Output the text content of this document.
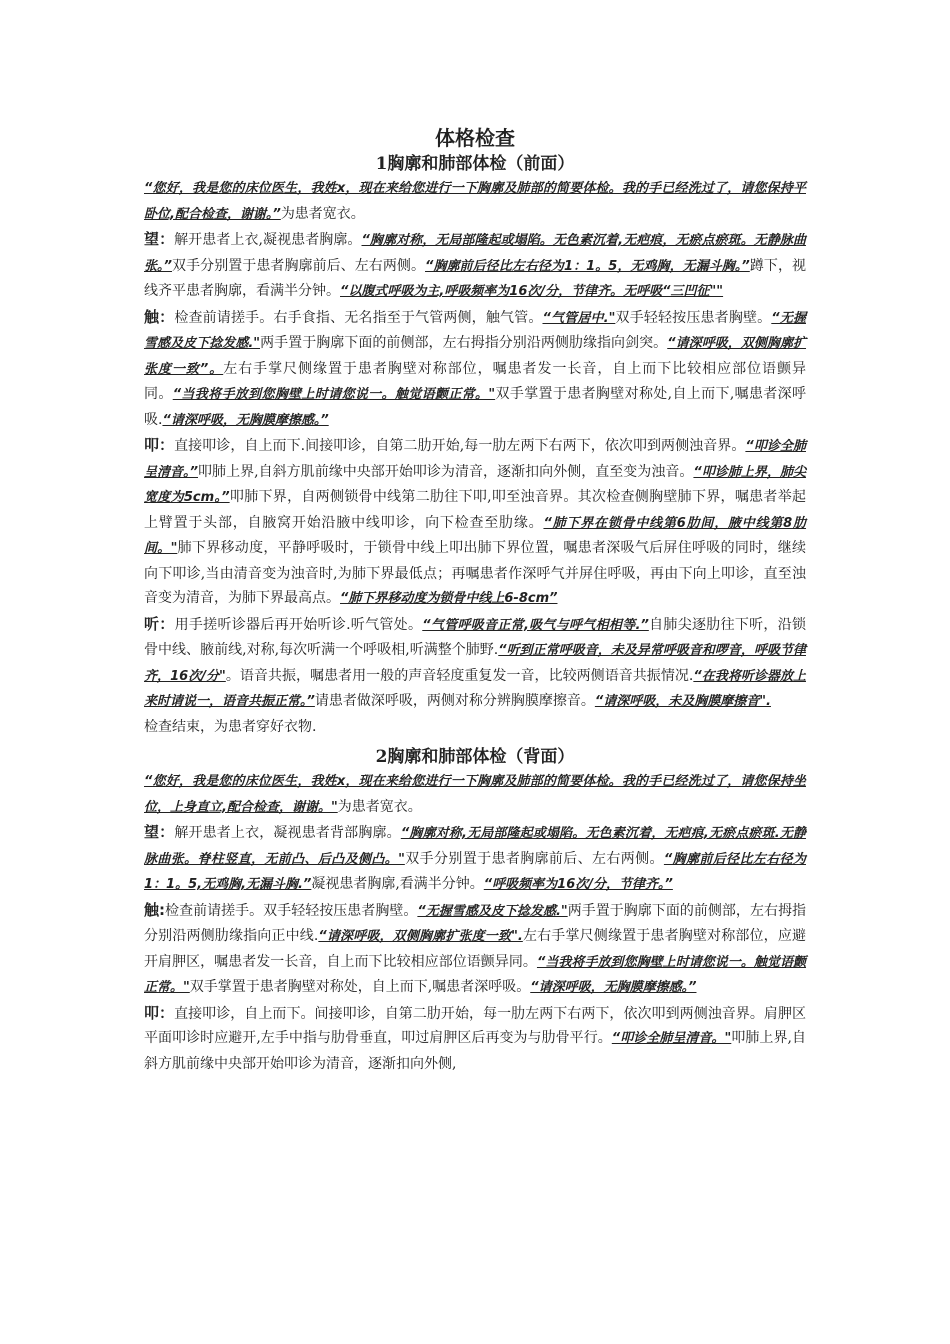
体格检查
1胸廓和肺部体检（前面）

“您好，我是您的床位医生，我姓x，现在来给您进行一下胸廓及肺部的简要体检。我的手已经洗过了，请您保持平卧位,配合检查，谢谢。”为患者宽衣。

望：解开患者上衣,凝视患者胸廓。“胸廓对称，无局部隆起或塌陷。无色素沉着,无疤痕，无瘀点瘀斑。无静脉曲张。”双手分别置于患者胸廓前后、左右两侧。“胸廓前后径比左右径为1：1。5，无鸡胸，无漏斗胸。”蹲下，视线齐平患者胸廓，看满半分钟。“以腹式呼吸为主,呼吸频率为16次/分，节律齐。无呼吸“三凹征""

触：检查前请搓手。右手食指、无名指至于气管两侧，触气管。“气管居中."双手轻轻按压患者胸壁。“无握雪感及皮下捻发感."两手置于胸廓下面的前侧部，左右拇指分别沿两侧肋缘指向剑突。“请深呼吸，双侧胸廓扩张度一致”。左右手掌尺侧缘置于患者胸壁对称部位，嘱患者发一长音，自上而下比较相应部位语颤异同。“当我将手放到您胸壁上时请您说一。触觉语颤正常。"双手掌置于患者胸壁对称处,自上而下,嘱患者深呼吸.“请深呼吸，无胸膜摩擦感。”

叩：直接叩诊，自上而下.间接叩诊，自第二肋开始,每一肋左两下右两下，依次叩到两侧浊音界。“叩诊全肺呈清音。”叩肺上界,自斜方肌前缘中央部开始叩诊为清音，逐渐扣向外侧，直至变为浊音。“叩诊肺上界，肺尖宽度为5cm。”叩肺下界，自两侧锁骨中线第二肋往下叩,叩至浊音界。其次检查侧胸壁肺下界，嘱患者举起上臂置于头部，自腋窝开始沿腋中线叩诊，向下检查至肋缘。“肺下界在锁骨中线第6肋间，腋中线第8肋间。"肺下界移动度，平静呼吸时，于锁骨中线上叩出肺下界位置，嘱患者深吸气后屏住呼吸的同时，继续向下叩诊,当由清音变为浊音时,为肺下界最低点；再嘱患者作深呼气并屏住呼吸，再由下向上叩诊，直至浊音变为清音，为肺下界最高点。“肺下界移动度为锁骨中线上6-8cm”

听：用手搓听诊器后再开始听诊.听气管处。“气管呼吸音正常,吸气与呼气相相等.”自肺尖逐肋往下听，沿锁骨中线、腋前线,对称,每次听满一个呼吸相,听满整个肺野.“听到正常呼吸音，未及异常呼吸音和啰音，呼吸节律齐，16次/分"。语音共振，嘱患者用一般的声音轻度重复发一音，比较两侧语音共振情况.“在我将听诊器放上来时请说一，语音共振正常。”请患者做深呼吸，两侧对称分辨胸膜摩擦音。“请深呼吸，未及胸膜摩擦音".

检查结束，为患者穿好衣物.

2胸廓和肺部体检（背面）

“您好，我是您的床位医生，我姓x，现在来给您进行一下胸廓及肺部的简要体检。我的手已经洗过了，请您保持坐位，上身直立,配合检查，谢谢。"为患者宽衣。

望：解开患者上衣，凝视患者背部胸廓。“胸廓对称,无局部隆起或塌陷。无色素沉着，无疤痕,无瘀点瘀斑.无静脉曲张。脊柱竖直，无前凸、后凸及侧凸。"双手分别置于患者胸廓前后、左右两侧。“胸廓前后径比左右径为1：1。5,无鸡胸,无漏斗胸.”凝视患者胸廓,看满半分钟。“呼吸频率为16次/分，节律齐。”

触:检查前请搓手。双手轻轻按压患者胸壁。“无握雪感及皮下捻发感."两手置于胸廓下面的前侧部，左右拇指分别沿两侧肋缘指向正中线.“请深呼吸，双侧胸廓扩张度一致".左右手掌尺侧缘置于患者胸壁对称部位，应避开肩胛区，嘱患者发一长音，自上而下比较相应部位语颤异同。“当我将手放到您胸壁上时请您说一。触觉语颤正常。"双手掌置于患者胸壁对称处，自上而下,嘱患者深呼吸。“请深呼吸，无胸膜摩擦感。”

叩：直接叩诊，自上而下。间接叩诊，自第二肋开始，每一肋左两下右两下，依次叩到两侧浊音界。肩胛区平面叩诊时应避开,左手中指与肋骨垂直，叩过肩胛区后再变为与肋骨平行。“叩诊全肺呈清音。"叩肺上界,自斜方肌前缘中央部开始叩诊为清音，逐渐扣向外侧,
